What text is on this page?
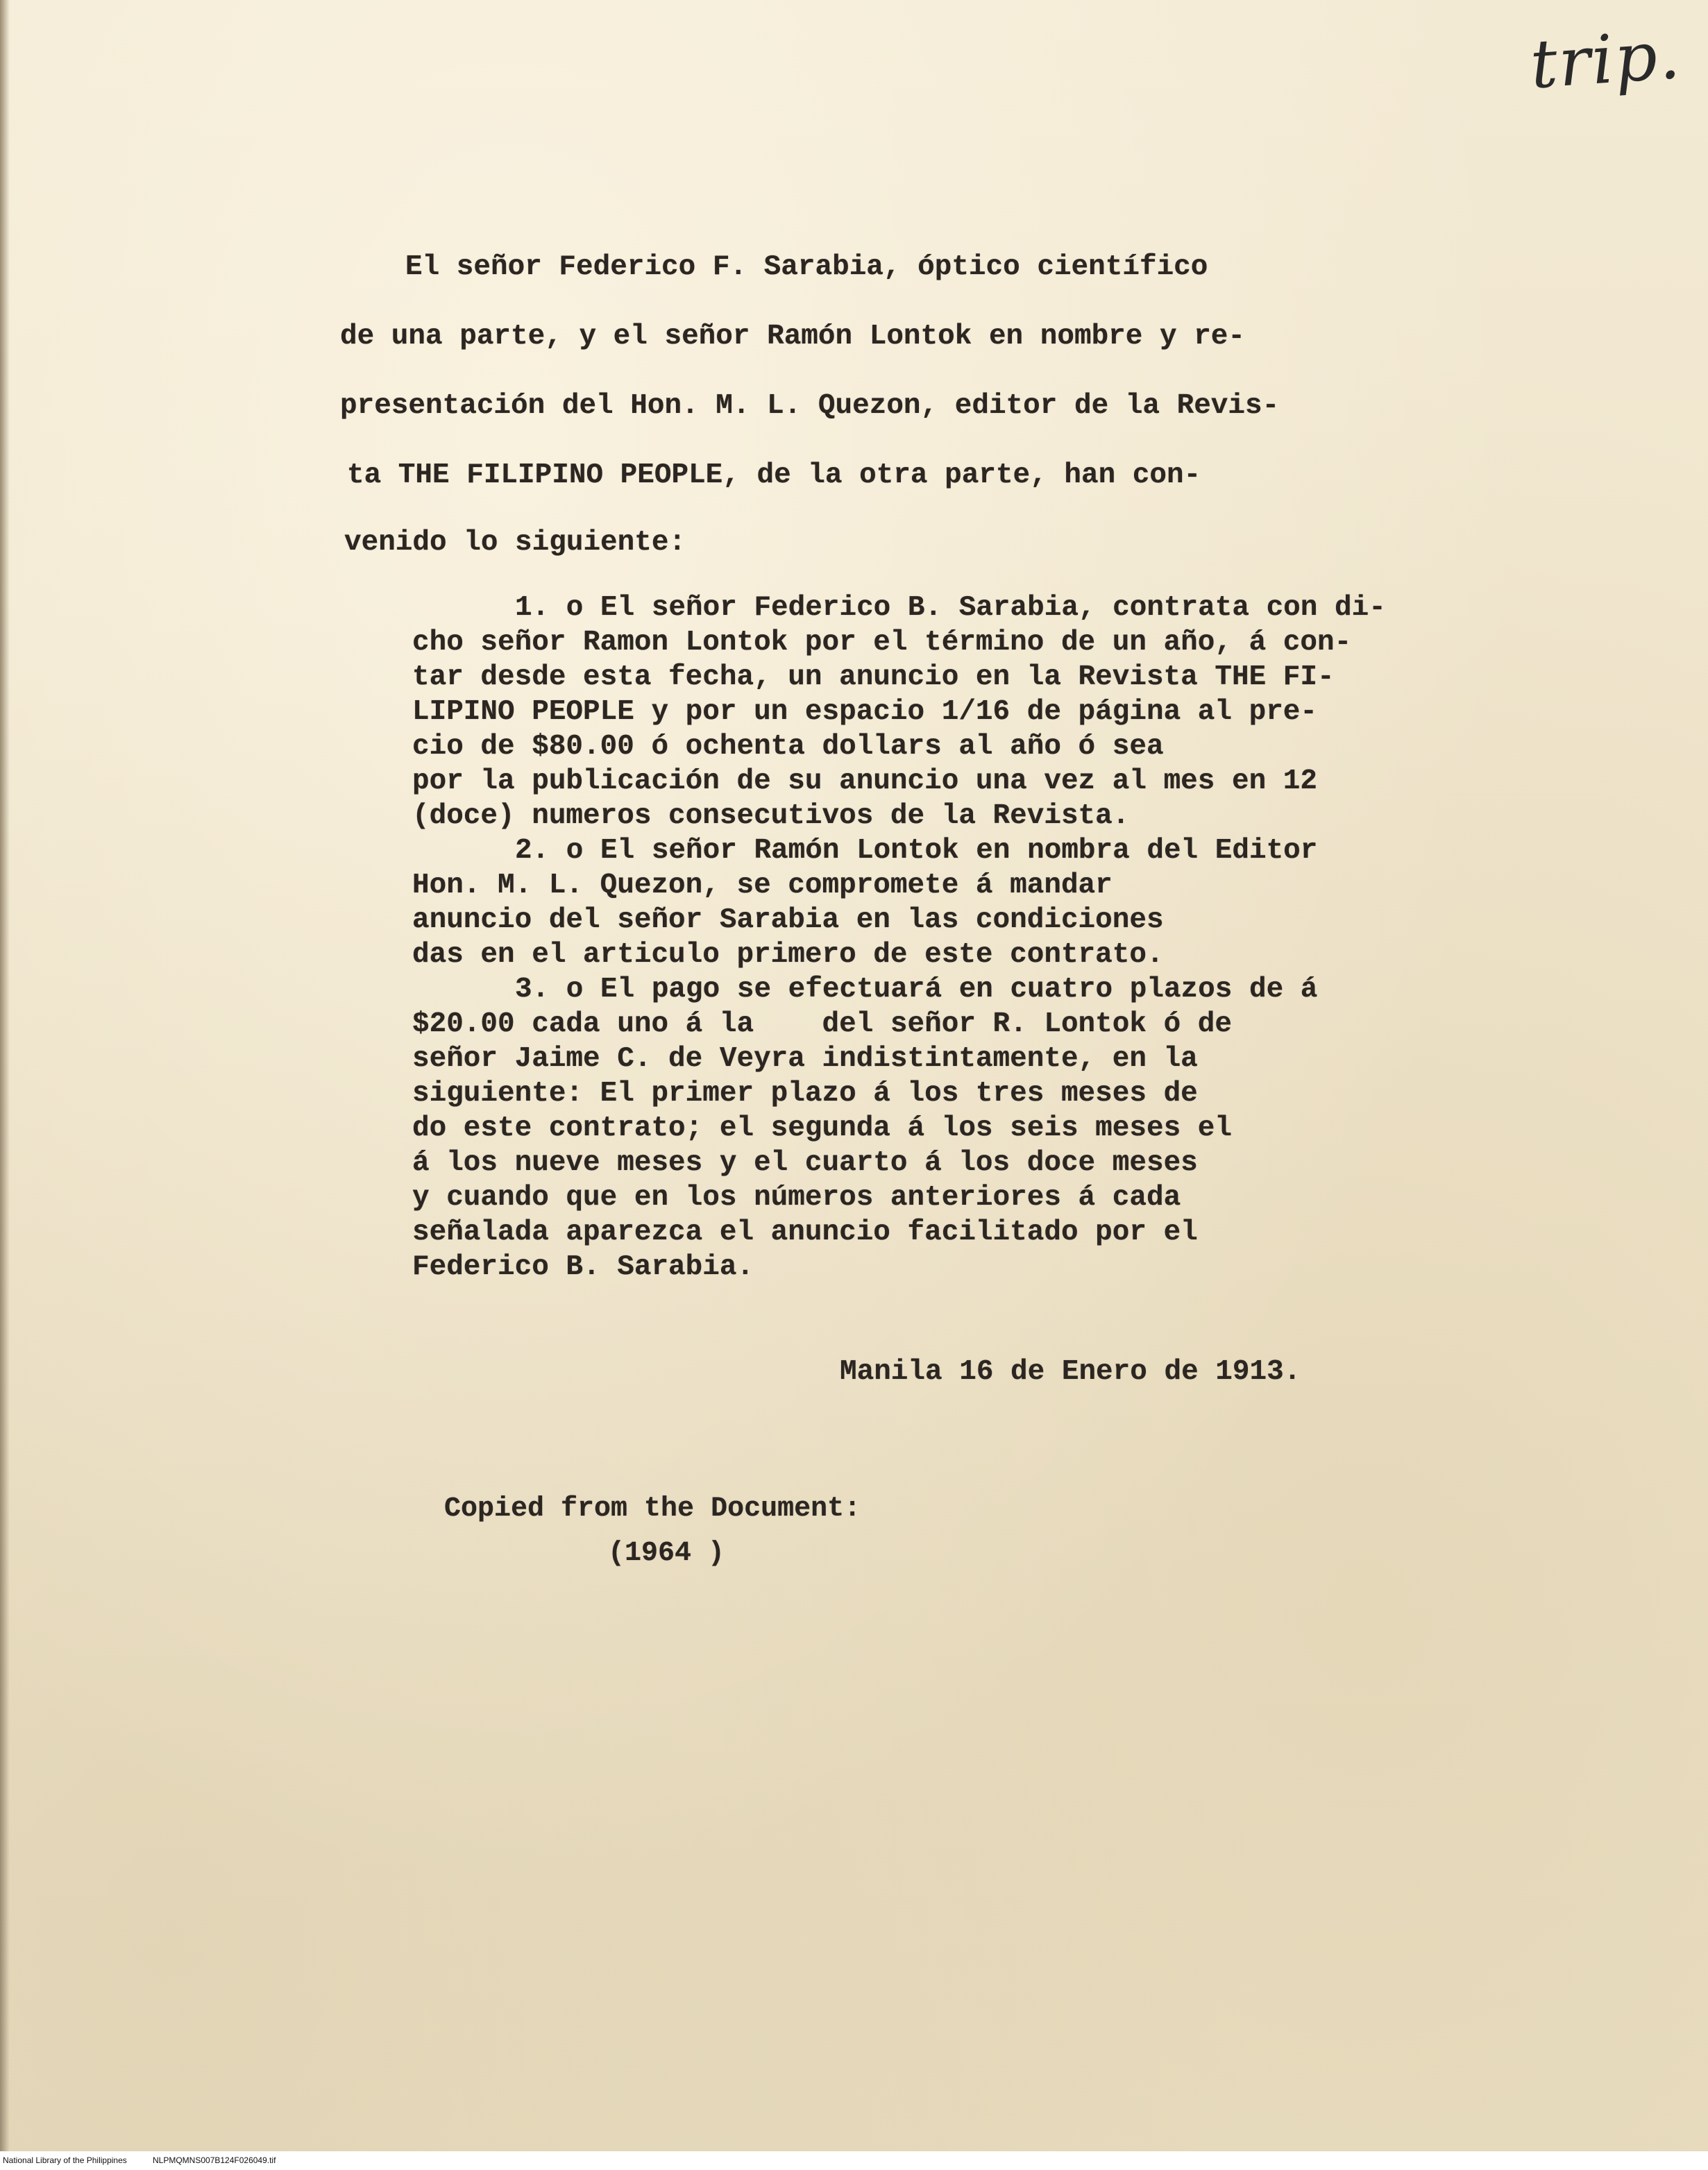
trip.
El señor Federico F. Sarabia, óptico científico
de una parte, y el señor Ramón Lontok en nombre y re-
presentación del Hon. M. L. Quezon, editor de la Revis-
ta THE FILIPINO PEOPLE, de la otra parte, han con-
venido lo siguiente:
1. o El señor Federico B. Sarabia, contrata con di-
cho señor Ramon Lontok por el término de un año, á con-
tar desde esta fecha, un anuncio en la Revista THE FI-
LIPINO PEOPLE y por un espacio 1/16 de página al pre-
cio de $80.00 ó ochenta dollars al año ó sea
por la publicación de su anuncio una vez al mes en 12
(doce) numeros consecutivos de la Revista.
2. o El señor Ramón Lontok en nombra del Editor
Hon. M. L. Quezon, se compromete á mandar
anuncio del señor Sarabia en las condiciones
das en el articulo primero de este contrato.
3. o El pago se efectuará en cuatro plazos de á
$20.00 cada uno á la    del señor R. Lontok ó de
señor Jaime C. de Veyra indistintamente, en la
siguiente: El primer plazo á los tres meses de
do este contrato; el segunda á los seis meses el
á los nueve meses y el cuarto á los doce meses
y cuando que en los números anteriores á cada
señalada aparezca el anuncio facilitado por el
Federico B. Sarabia.
Manila 16 de Enero de 1913.
Copied from the Document:
(1964 )
National Library of the Philippines	NLPMQMNS007B124F026049.tif
